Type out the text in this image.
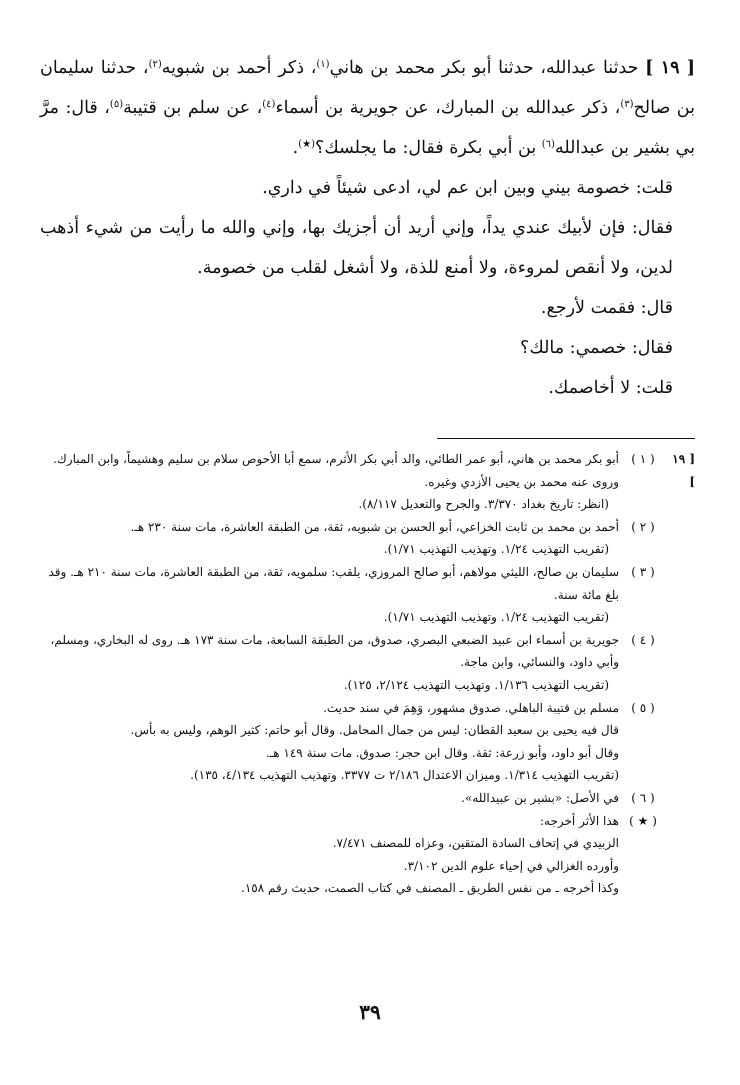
[ ١٩ ] حدثنا عبدالله، حدثنا أبو بكر محمد بن هاني$^{(١)}$، ذكر أحمد بن شبويه$^{(٢)}$، حدثنا سليمان بن صالح$^{(٣)}$، ذكر عبدالله بن المبارك، عن جويرية بن أسماء$^{(٤)}$، عن سلم بن قتيبة$^{(٥)}$، قال: مرَّ بي بشير بن عبدالله$^{(٦)}$ بن أبي بكرة فقال: ما يجلسك؟(★).

قلت: خصومة بيني وبين ابن عم لي، ادعى شيئاً في داري.

فقال: فإن لأبيك عندي يداً، وإني أريد أن أجزيك بها، وإني والله ما رأيت من شيء أذهب لدين، ولا أنقص لمروءة، ولا أمنع للذة، ولا أشغل لقلب من خصومة.

قال: فقمت لأرجع.

فقال: خصمي: مالك؟

قلت: لا أخاصمك.

[ ١٩ ]
( ١ )
أبو بكر محمد بن هاني، أبو عمر الطائي، والد أبي بكر الأثرم، سمع أبا الأحوص سلام بن سليم وهشيماً، وابن المبارك. وروى عنه محمد بن يحيى الأزدي وغيره.
(انظر: تاريخ بغداد ٣/٣٧٠. والجرح والتعديل ٨/١١٧).
( ٢ )
أحمد بن محمد بن ثابت الخزاعي، أبو الحسن بن شبويه، ثقة، من الطبقة العاشرة، مات سنة ٢٣٠ هـ.
(تقريب التهذيب ١/٢٤. وتهذيب التهذيب ١/٧١).
( ٣ )
سليمان بن صالح، الليثي مولاهم، أبو صالح المروزي، يلقب: سلمويه، ثقة، من الطبقة العاشرة، مات سنة ٢١٠ هـ. وقد بلغ مائة سنة.
(تقريب التهذيب ١/٢٤. وتهذيب التهذيب ١/٧١).
( ٤ )
جويرية بن أسماء ابن عبيد الضبعي البصري، صدوق، من الطبقة السابعة، مات سنة ١٧٣ هـ. روى له البخاري، ومسلم، وأبي داود، والنسائي، وابن ماجة.
(تقريب التهذيب ١/١٣٦. وتهذيب التهذيب ٢/١٢٤، ١٢٥).
( ٥ )
مسلم بن قتيبة الباهلي. صدوق مشهور، وَهِمَ في سند حديث.
قال فيه يحيى بن سعيد القطان: ليس من جمال المحامل. وقال أبو حاتم: كثير الوهم، وليس به بأس.
وقال أبو داود، وأبو زرعة: ثقة. وقال ابن حجر: صدوق. مات سنة ١٤٩ هـ.
(تقريب التهذيب ١/٣١٤. وميزان الاعتدال ٢/١٨٦ ت ٣٣٧٧. وتهذيب التهذيب ٤/١٣٤، ١٣٥).
( ٦ )
في الأصل: «بشير بن عبيدالله».
( ★ )
هذا الأثر أخرجه:
الزبيدي في إتحاف السادة المتقين، وعزاه للمصنف ٧/٤٧١.
وأورده الغزالي في إحياء علوم الدين ٣/١٠٢.
وكذا أخرجه ـ من نفس الطريق ـ المصنف في كتاب الصمت، حديث رقم ١٥٨.
٣٩
